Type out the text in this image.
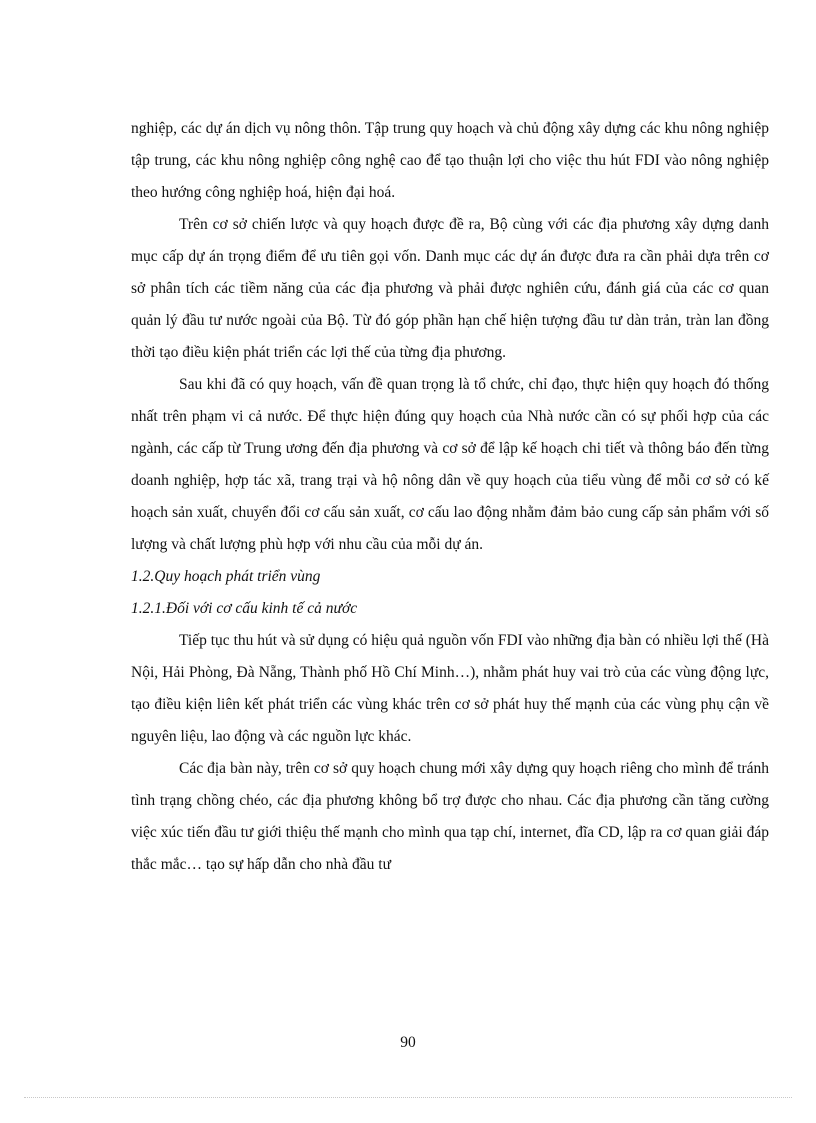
nghiệp, các dự án dịch vụ nông thôn. Tập trung quy hoạch và chủ động xây dựng các khu nông nghiệp tập trung, các khu nông nghiệp công nghệ cao để tạo thuận lợi cho việc thu hút FDI vào nông nghiệp theo hướng công nghiệp hoá, hiện đại hoá.

Trên cơ sở chiến lược và quy hoạch được đề ra, Bộ cùng với các địa phương xây dựng danh mục cấp dự án trọng điểm để ưu tiên gọi vốn. Danh mục các dự án được đưa ra cần phải dựa trên cơ sở phân tích các tiềm năng của các địa phương và phải được nghiên cứu, đánh giá của các cơ quan quản lý đầu tư nước ngoài của Bộ. Từ đó góp phần hạn chế hiện tượng đầu tư dàn trản, tràn lan đồng thời tạo điều kiện phát triển các lợi thế của từng địa phương.

Sau khi đã có quy hoạch, vấn đề quan trọng là tổ chức, chỉ đạo, thực hiện quy hoạch đó thống nhất trên phạm vi cả nước. Để thực hiện đúng quy hoạch của Nhà nước cần có sự phối hợp của các ngành, các cấp từ Trung ương đến địa phương và cơ sở để lập kế hoạch chi tiết và thông báo đến từng doanh nghiệp, hợp tác xã, trang trại và hộ nông dân về quy hoạch của tiểu vùng để mỗi cơ sở có kế hoạch sản xuất, chuyển đổi cơ cấu sản xuất, cơ cấu lao động nhằm đảm bảo cung cấp sản phẩm với số lượng và chất lượng phù hợp với nhu cầu của mỗi dự án.

1.2.Quy hoạch phát triển vùng

1.2.1.Đối với cơ cấu kinh tế cả nước

Tiếp tục thu hút và sử dụng có hiệu quả nguồn vốn FDI vào những địa bàn có nhiều lợi thế (Hà Nội, Hải Phòng, Đà Nẵng, Thành phố Hồ Chí Minh…), nhằm phát huy vai trò của các vùng động lực, tạo điều kiện liên kết phát triển các vùng khác trên cơ sở phát huy thế mạnh của các vùng phụ cận về nguyên liệu, lao động và các nguồn lực khác.

Các địa bàn này, trên cơ sở quy hoạch chung mới xây dựng quy hoạch riêng cho mình để tránh tình trạng chồng chéo, các địa phương không bổ trợ được cho nhau. Các địa phương cần tăng cường việc xúc tiến đầu tư giới thiệu thế mạnh cho mình qua tạp chí, internet, đĩa CD, lập ra cơ quan giải đáp thắc mắc… tạo sự hấp dẫn cho nhà đầu tư

90
